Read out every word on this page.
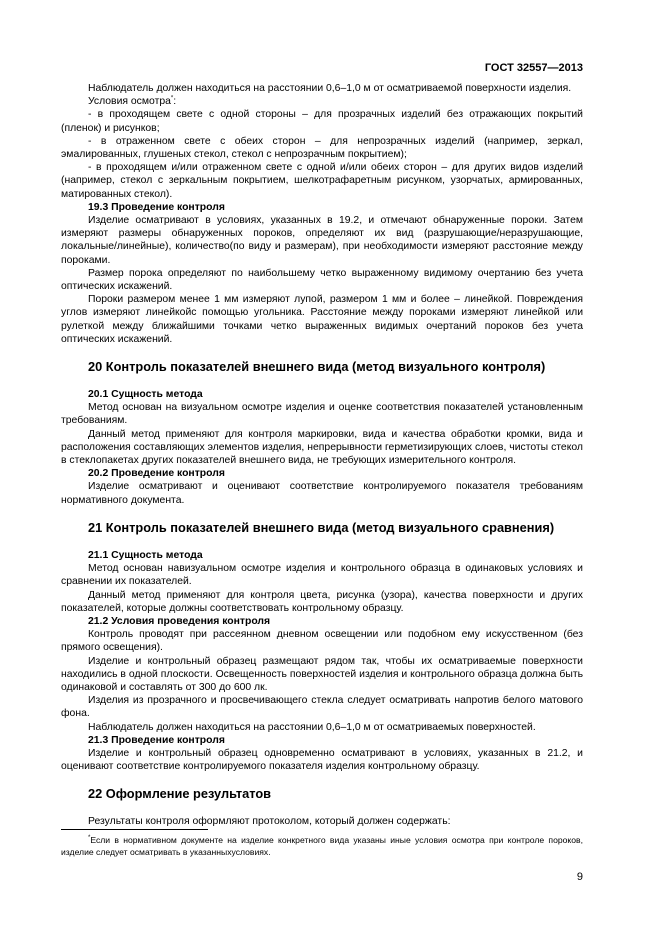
ГОСТ 32557—2013

Наблюдатель должен находиться на расстоянии 0,6–1,0 м от осматриваемой поверхности изделия.

Условия осмотра*:

- в проходящем свете с одной стороны – для прозрачных изделий без отражающих покрытий (пленок) и рисунков;

- в отраженном свете с обеих сторон – для непрозрачных изделий (например, зеркал, эмалированных, глушеных стекол, стекол с непрозрачным покрытием);

- в проходящем и/или отраженном свете с одной и/или обеих сторон – для других видов изделий (например, стекол с зеркальным покрытием, шелкотрафаретным рисунком, узорчатых, армированных, матированных стекол).

19.3 Проведение контроля

Изделие осматривают в условиях, указанных в 19.2, и отмечают обнаруженные пороки. Затем измеряют размеры обнаруженных пороков, определяют их вид (разрушающие/неразрушающие, локальные/линейные), количество(по виду и размерам), при необходимости измеряют расстояние между пороками.

Размер порока определяют по наибольшему четко выраженному видимому очертанию без учета оптических искажений.

Пороки размером менее 1 мм измеряют лупой, размером 1 мм и более – линейкой. Повреждения углов измеряют линейкойс помощью угольника. Расстояние между пороками измеряют линейкой или рулеткой между ближайшими точками четко выраженных видимых очертаний пороков без учета оптических искажений.

20 Контроль показателей внешнего вида (метод визуального контроля)

20.1 Сущность метода

Метод основан на визуальном осмотре изделия и оценке соответствия показателей установленным требованиям.

Данный метод применяют для контроля маркировки, вида и качества обработки кромки, вида и расположения составляющих элементов изделия, непрерывности герметизирующих слоев, чистоты стекол в стеклопакетах других показателей внешнего вида, не требующих измерительного контроля.

20.2 Проведение контроля

Изделие осматривают и оценивают соответствие контролируемого показателя требованиям нормативного документа.

21 Контроль показателей внешнего вида (метод визуального сравнения)

21.1 Сущность метода

Метод основан навизуальном осмотре изделия и контрольного образца в одинаковых условиях и сравнении их показателей.

Данный метод применяют для контроля цвета, рисунка (узора), качества поверхности и других показателей, которые должны соответствовать контрольному образцу.

21.2 Условия проведения контроля

Контроль проводят при рассеянном дневном освещении или подобном ему искусственном (без прямого освещения).

Изделие и контрольный образец размещают рядом так, чтобы их осматриваемые поверхности находились в одной плоскости. Освещенность поверхностей изделия и контрольного образца должна быть одинаковой и составлять от 300 до 600 лк.

Изделия из прозрачного и просвечивающего стекла следует осматривать напротив белого матового фона.

Наблюдатель должен находиться на расстоянии 0,6–1,0 м от осматриваемых поверхностей.

21.3 Проведение контроля

Изделие и контрольный образец одновременно осматривают в условиях, указанных в 21.2, и оценивают соответствие контролируемого показателя изделия контрольному образцу.

22 Оформление результатов

Результаты контроля оформляют протоколом, который должен содержать:

*Если в нормативном документе на изделие конкретного вида указаны иные условия осмотра при контроле пороков, изделие следует осматривать в указанныхусловиях.
9
